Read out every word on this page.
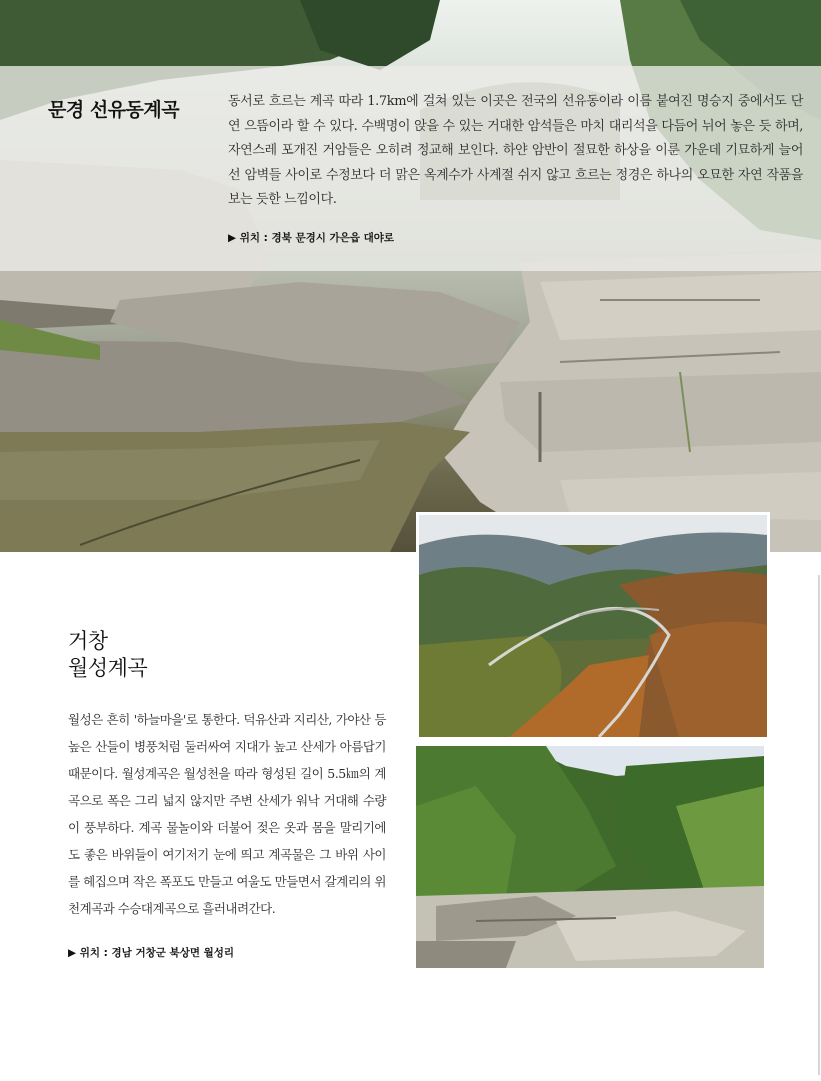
문경 선유동계곡	동서로 흐르는 계곡 따라 1.7km에 걸쳐 있는 이곳은 전국의 선유동이라 이름 붙여진 명승지 중에서도 단연 으뜸이라 할 수 있다. 수백명이 앉을 수 있는 거대한 암석들은 마치 대리석을 다듬어 뉘어 놓은 듯 하며, 자연스레 포개진 거암들은 오히려 정교해 보인다. 하얀 암반이 절묘한 하상을 이룬 가운데 기묘하게 늘어선 암벽들 사이로 수정보다 더 맑은 옥계수가 사계절 쉬지 않고 흐르는 정경은 하나의 오묘한 자연 작품을 보는 듯한 느낌이다.
▶ 위치 : 경북 문경시 가은읍 대야로
거창
월성계곡
월성은 흔히 '하늘마을'로 통한다. 덕유산과 지리산, 가야산 등 높은 산들이 병풍처럼 둘러싸여 지대가 높고 산세가 아름답기 때문이다. 월성계곡은 월성천을 따라 형성된 길이 5.5㎞의 계곡으로 폭은 그리 넓지 않지만 주변 산세가 워낙 거대해 수량이 풍부하다. 계곡 물놀이와 더불어 젖은 옷과 몸을 말리기에도 좋은 바위들이 여기저기 눈에 띄고 계곡물은 그 바위 사이를 헤집으며 작은 폭포도 만들고 여울도 만들면서 갈계리의 위천계곡과 수승대계곡으로 흘러내려간다.
▶ 위치 : 경남 거창군 북상면 월성리
